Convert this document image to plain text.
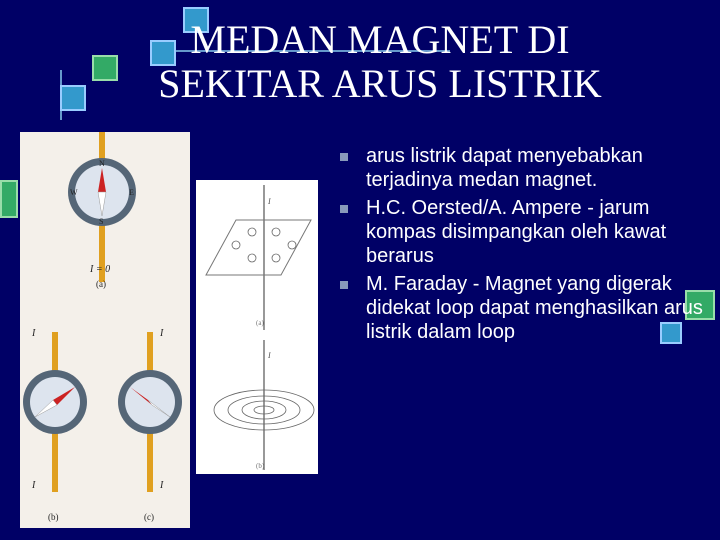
MEDAN MAGNET DI
SEKITAR ARUS LISTRIK
N
W	E
S
I = 0
(a)
I
I
(b)
I
I
(c)
I
(a)
I
(b)
arus listrik dapat menyebabkan terjadinya medan magnet.
H.C. Oersted/A. Ampere - jarum kompas disimpangkan oleh kawat berarus
M. Faraday - Magnet yang digerak didekat loop dapat menghasilkan arus listrik dalam loop
